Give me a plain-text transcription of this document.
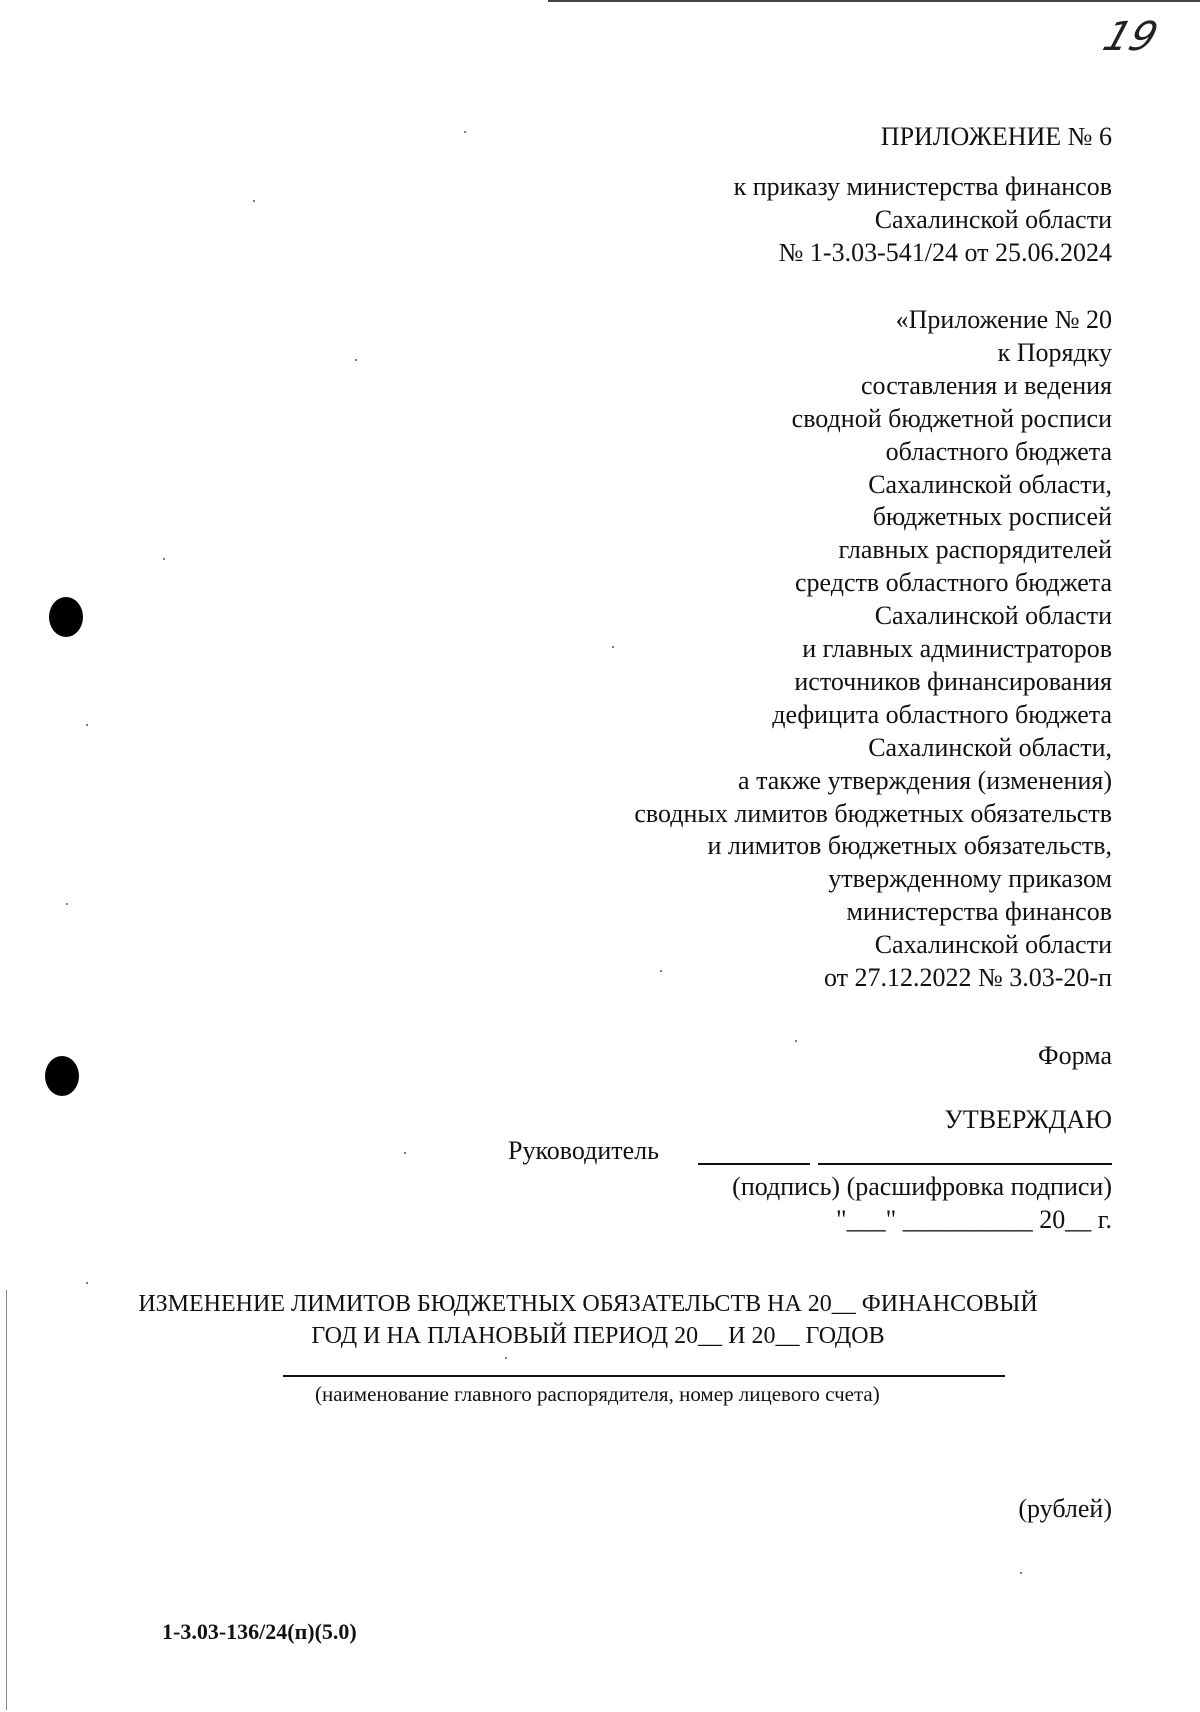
19
ПРИЛОЖЕНИЕ № 6
к приказу министерства финансов
Сахалинской области
№ 1-3.03-541/24 от 25.06.2024
«Приложение № 20
к Порядку
составления и ведения
сводной бюджетной росписи
областного бюджета
Сахалинской области,
бюджетных росписей
главных распорядителей
средств областного бюджета
Сахалинской области
и главных администраторов
источников финансирования
дефицита областного бюджета
Сахалинской области,
а также утверждения (изменения)
сводных лимитов бюджетных обязательств
и лимитов бюджетных обязательств,
утвержденному приказом
министерства финансов
Сахалинской области
от 27.12.2022 № 3.03-20-п
Форма
УТВЕРЖДАЮ
Руководитель
(подпись) (расшифровка подписи)
"___" __________ 20__ г.
ИЗМЕНЕНИЕ ЛИМИТОВ БЮДЖЕТНЫХ ОБЯЗАТЕЛЬСТВ НА 20__ ФИНАНСОВЫЙ
ГОД И НА ПЛАНОВЫЙ ПЕРИОД 20__ И 20__ ГОДОВ
(наименование главного распорядителя, номер лицевого счета)
(рублей)
1-3.03-136/24(п)(5.0)
